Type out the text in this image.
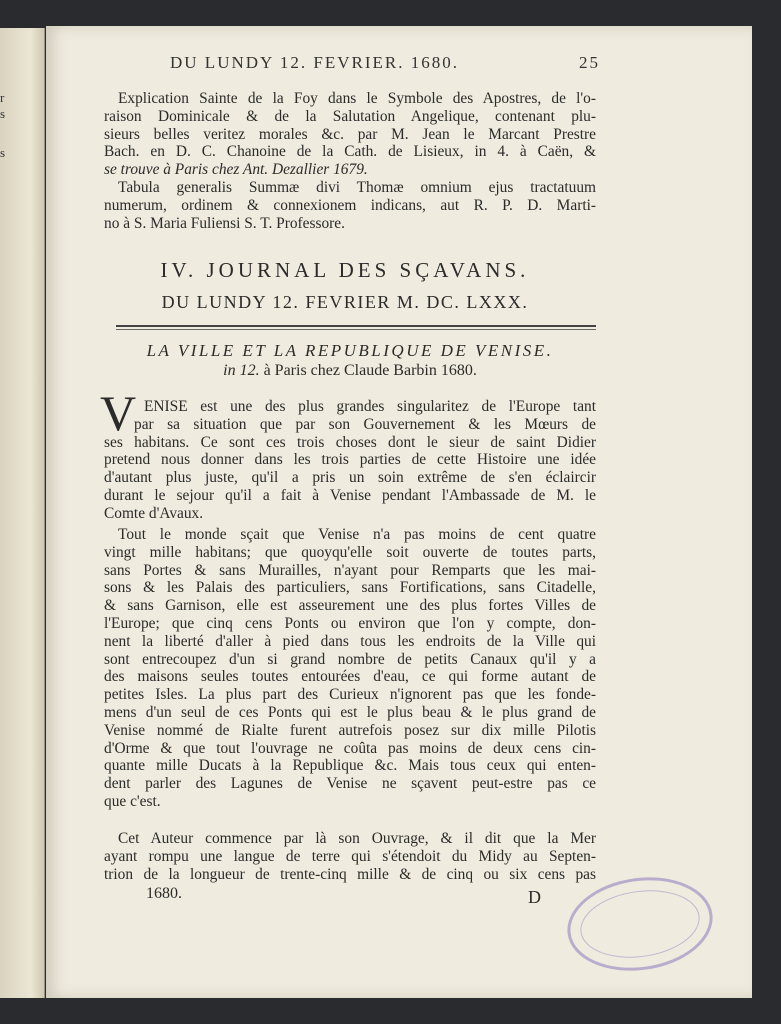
r
s
s
DU LUNDY 12. FEVRIER. 1680.	25
Explication Sainte de la Foy dans le Symbole des Apostres, de l'o-
raison Dominicale & de la Salutation Angelique, contenant plu-
sieurs belles veritez morales &c. par M. Jean le Marcant Prestre
Bach. en D. C. Chanoine de la Cath. de Lisieux, in 4. à Caën, &
se trouve à Paris chez Ant. Dezallier 1679.
Tabula generalis Summæ divi Thomæ omnium ejus tractatuum
numerum, ordinem & connexionem indicans, aut R. P. D. Marti-
no à S. Maria Fuliensi S. T. Professore.
IV. JOURNAL DES SÇAVANS.
DU LUNDY 12. FEVRIER M. DC. LXXX.
LA VILLE ET LA REPUBLIQUE DE VENISE.
in 12. à Paris chez Claude Barbin 1680.
V ENISE est une des plus grandes singularitez de l'Europe tant
par sa situation que par son Gouvernement & les Mœurs de
ses habitans. Ce sont ces trois choses dont le sieur de saint Didier
pretend nous donner dans les trois parties de cette Histoire une idée
d'autant plus juste, qu'il a pris un soin extrême de s'en éclaircir
durant le sejour qu'il a fait à Venise pendant l'Ambassade de M. le
Comte d'Avaux.
Tout le monde sçait que Venise n'a pas moins de cent quatre
vingt mille habitans; que quoyqu'elle soit ouverte de toutes parts,
sans Portes & sans Murailles, n'ayant pour Remparts que les mai-
sons & les Palais des particuliers, sans Fortifications, sans Citadelle,
& sans Garnison, elle est asseurement une des plus fortes Villes de
l'Europe; que cinq cens Ponts ou environ que l'on y compte, don-
nent la liberté d'aller à pied dans tous les endroits de la Ville qui
sont entrecoupez d'un si grand nombre de petits Canaux qu'il y a
des maisons seules toutes entourées d'eau, ce qui forme autant de
petites Isles. La plus part des Curieux n'ignorent pas que les fonde-
mens d'un seul de ces Ponts qui est le plus beau & le plus grand de
Venise nommé de Rialte furent autrefois posez sur dix mille Pilotis
d'Orme & que tout l'ouvrage ne coûta pas moins de deux cens cin-
quante mille Ducats à la Republique &c. Mais tous ceux qui enten-
dent parler des Lagunes de Venise ne sçavent peut-estre pas ce
que c'est.
Cet Auteur commence par là son Ouvrage, & il dit que la Mer
ayant rompu une langue de terre qui s'étendoit du Midy au Septen-
trion de la longueur de trente-cinq mille & de cinq ou six cens pas
1680.	D
